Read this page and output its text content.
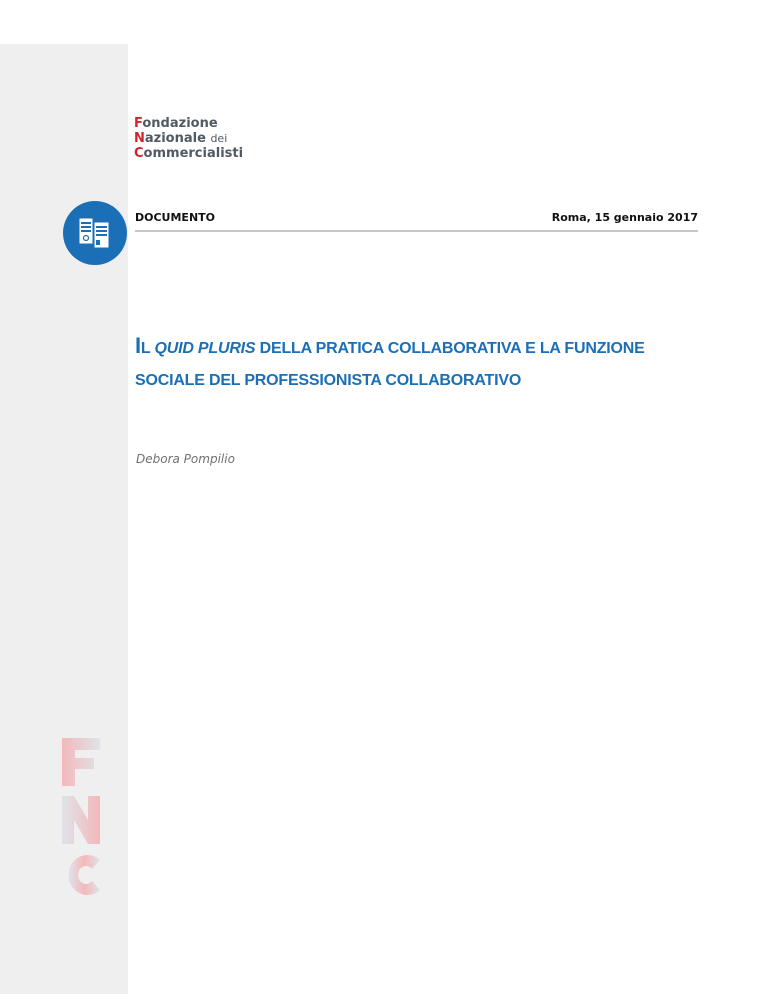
Fondazione
Nazionale dei
Commercialisti
DOCUMENTO	Roma, 15 gennaio 2017
IL QUID PLURIS DELLA PRATICA COLLABORATIVA E LA FUNZIONE SOCIALE DEL PROFESSIONISTA COLLABORATIVO
Debora Pompilio
